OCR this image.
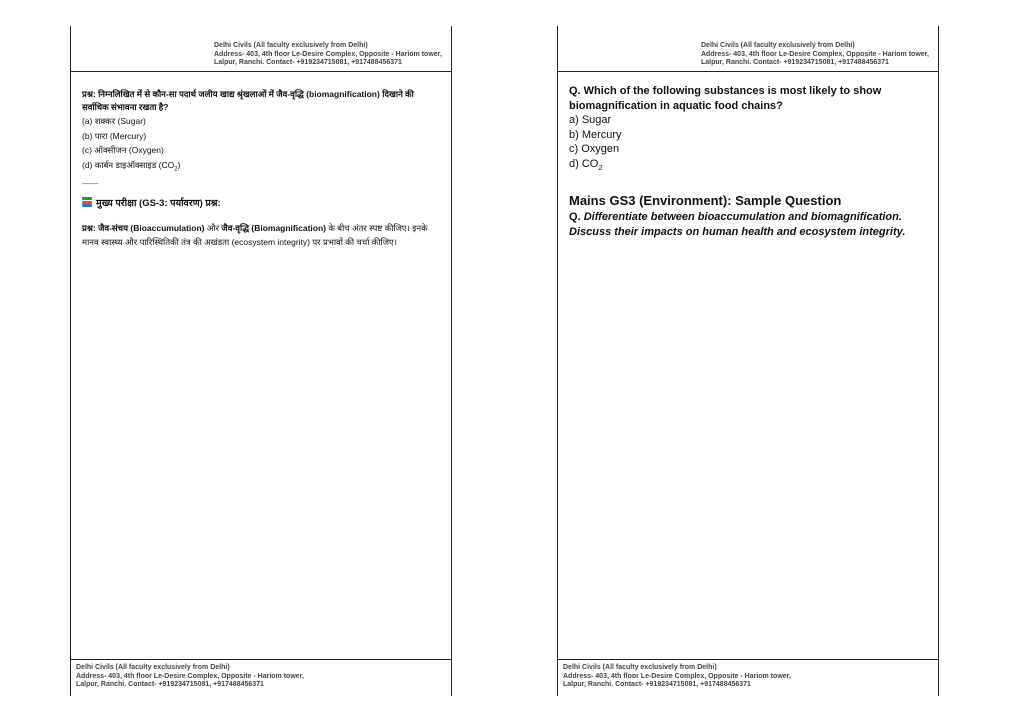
Delhi Civils (All faculty exclusively from Delhi)
Address- 403, 4th floor Le-Desire Complex, Opposite - Hariom tower,
Lalpur, Ranchi. Contact- +919234715081, +917488456371
प्रश्न: निम्नलिखित में से कौन-सा पदार्थ जलीय खाद्य श्रृंखलाओं में जैव-वृद्धि (biomagnification) दिखाने की सर्वाधिक संभावना रखता है?
(a) शक्कर (Sugar)
(b) पारा (Mercury)
(c) ऑक्सीजन (Oxygen)
(d) कार्बन डाइऑक्साइड $(CO_2)$
——
मुख्य परीक्षा (GS-3: पर्यावरण) प्रश्न:
प्रश्न: जैव-संचय (Bioaccumulation) और जैव-वृद्धि (Biomagnification) के बीच अंतर स्पष्ट कीजिए। इनके मानव स्वास्थ्य और पारिस्थितिकी तंत्र की अखंडता (ecosystem integrity) पर प्रभावों की चर्चा कीजिए।
Delhi Civils (All faculty exclusively from Delhi)
Address- 403, 4th floor Le-Desire Complex, Opposite - Hariom tower,
Lalpur, Ranchi. Contact- +919234715081, +917488456371
Delhi Civils (All faculty exclusively from Delhi)
Address- 403, 4th floor Le-Desire Complex, Opposite - Hariom tower,
Lalpur, Ranchi. Contact- +919234715081, +917488456371
Q. Which of the following substances is most likely to show biomagnification in aquatic food chains?
a) Sugar
b) Mercury
c) Oxygen
d) $CO_2$
Mains GS3 (Environment): Sample Question
Q. Differentiate between bioaccumulation and biomagnification. Discuss their impacts on human health and ecosystem integrity.
Delhi Civils (All faculty exclusively from Delhi)
Address- 403, 4th floor Le-Desire Complex, Opposite - Hariom tower,
Lalpur, Ranchi. Contact- +919234715081, +917488456371
